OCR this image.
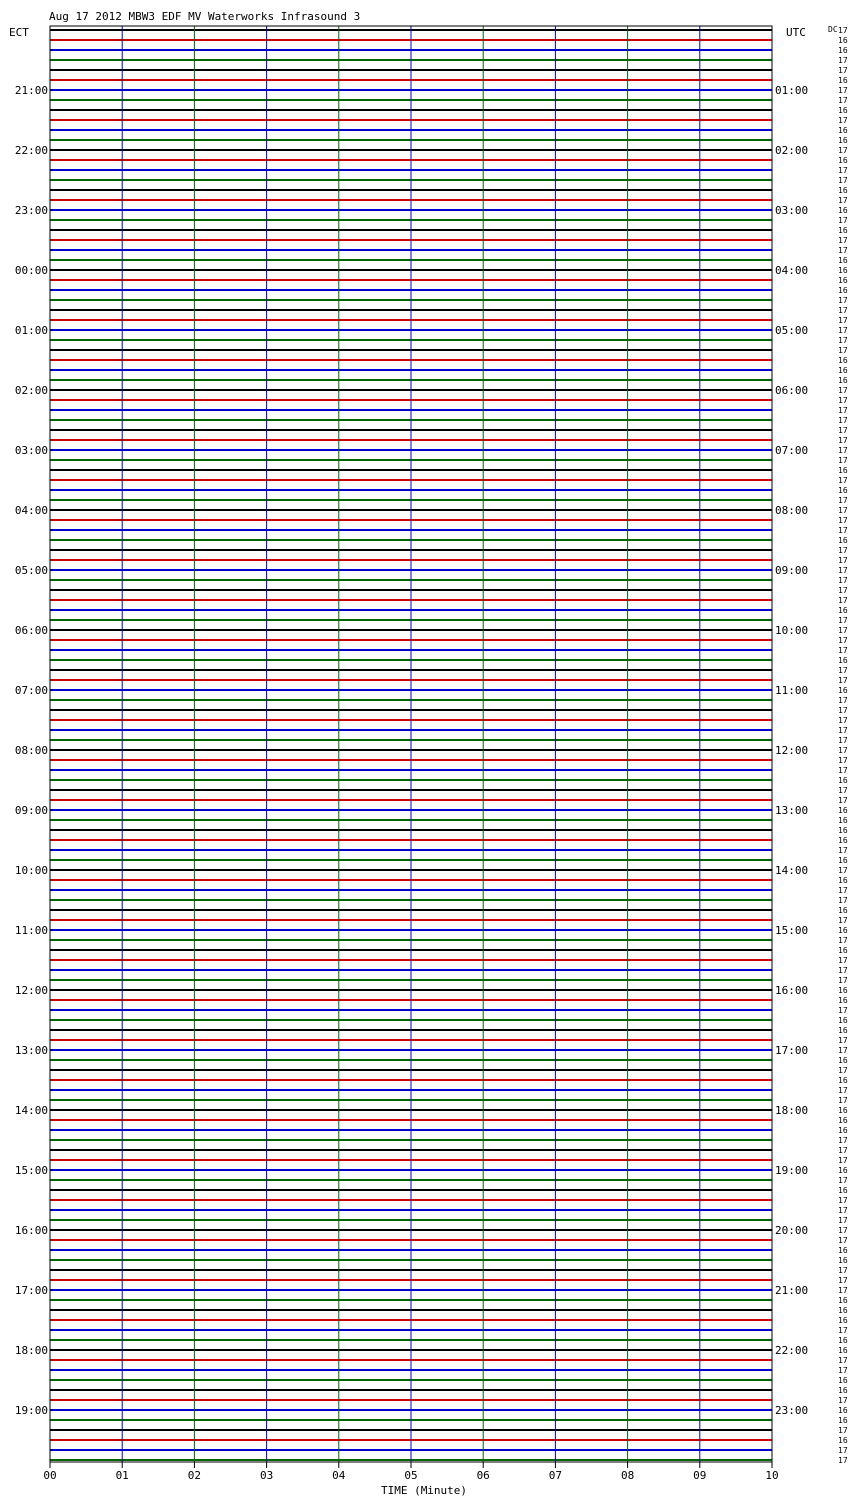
Aug 17 2012 MBW3 EDF MV Waterworks Infrasound 3
ECT	UTC	DC
21:00
22:00
23:00
00:00
01:00
02:00
03:00
04:00
05:00
06:00
07:00
08:00
09:00
10:00
11:00
12:00
13:00
14:00
15:00
16:00
17:00
18:00
19:00
01:00
02:00
03:00
04:00
05:00
06:00
07:00
08:00
09:00
10:00
11:00
12:00
13:00
14:00
15:00
16:00
17:00
18:00
19:00
20:00
21:00
22:00
23:00
17
16
16
17
17
16
17
17
16
17
16
16
17
16
17
17
16
17
16
17
16
17
17
16
16
16
16
17
17
17
17
17
17
16
16
16
17
17
17
17
17
17
17
17
16
17
16
17
17
17
17
16
17
17
17
17
17
17
16
17
17
17
17
16
17
17
16
17
17
17
17
17
17
17
17
16
17
17
16
16
16
16
17
16
17
16
17
17
16
17
16
17
16
17
17
17
16
16
17
16
16
17
17
16
17
16
17
17
16
16
16
17
17
17
16
17
16
17
17
17
17
17
16
16
17
17
17
16
16
16
17
16
16
17
17
16
16
17
16
16
17
16
17
17
00	01	02	03	04	05	06	07	08	09	10
TIME (Minute)
